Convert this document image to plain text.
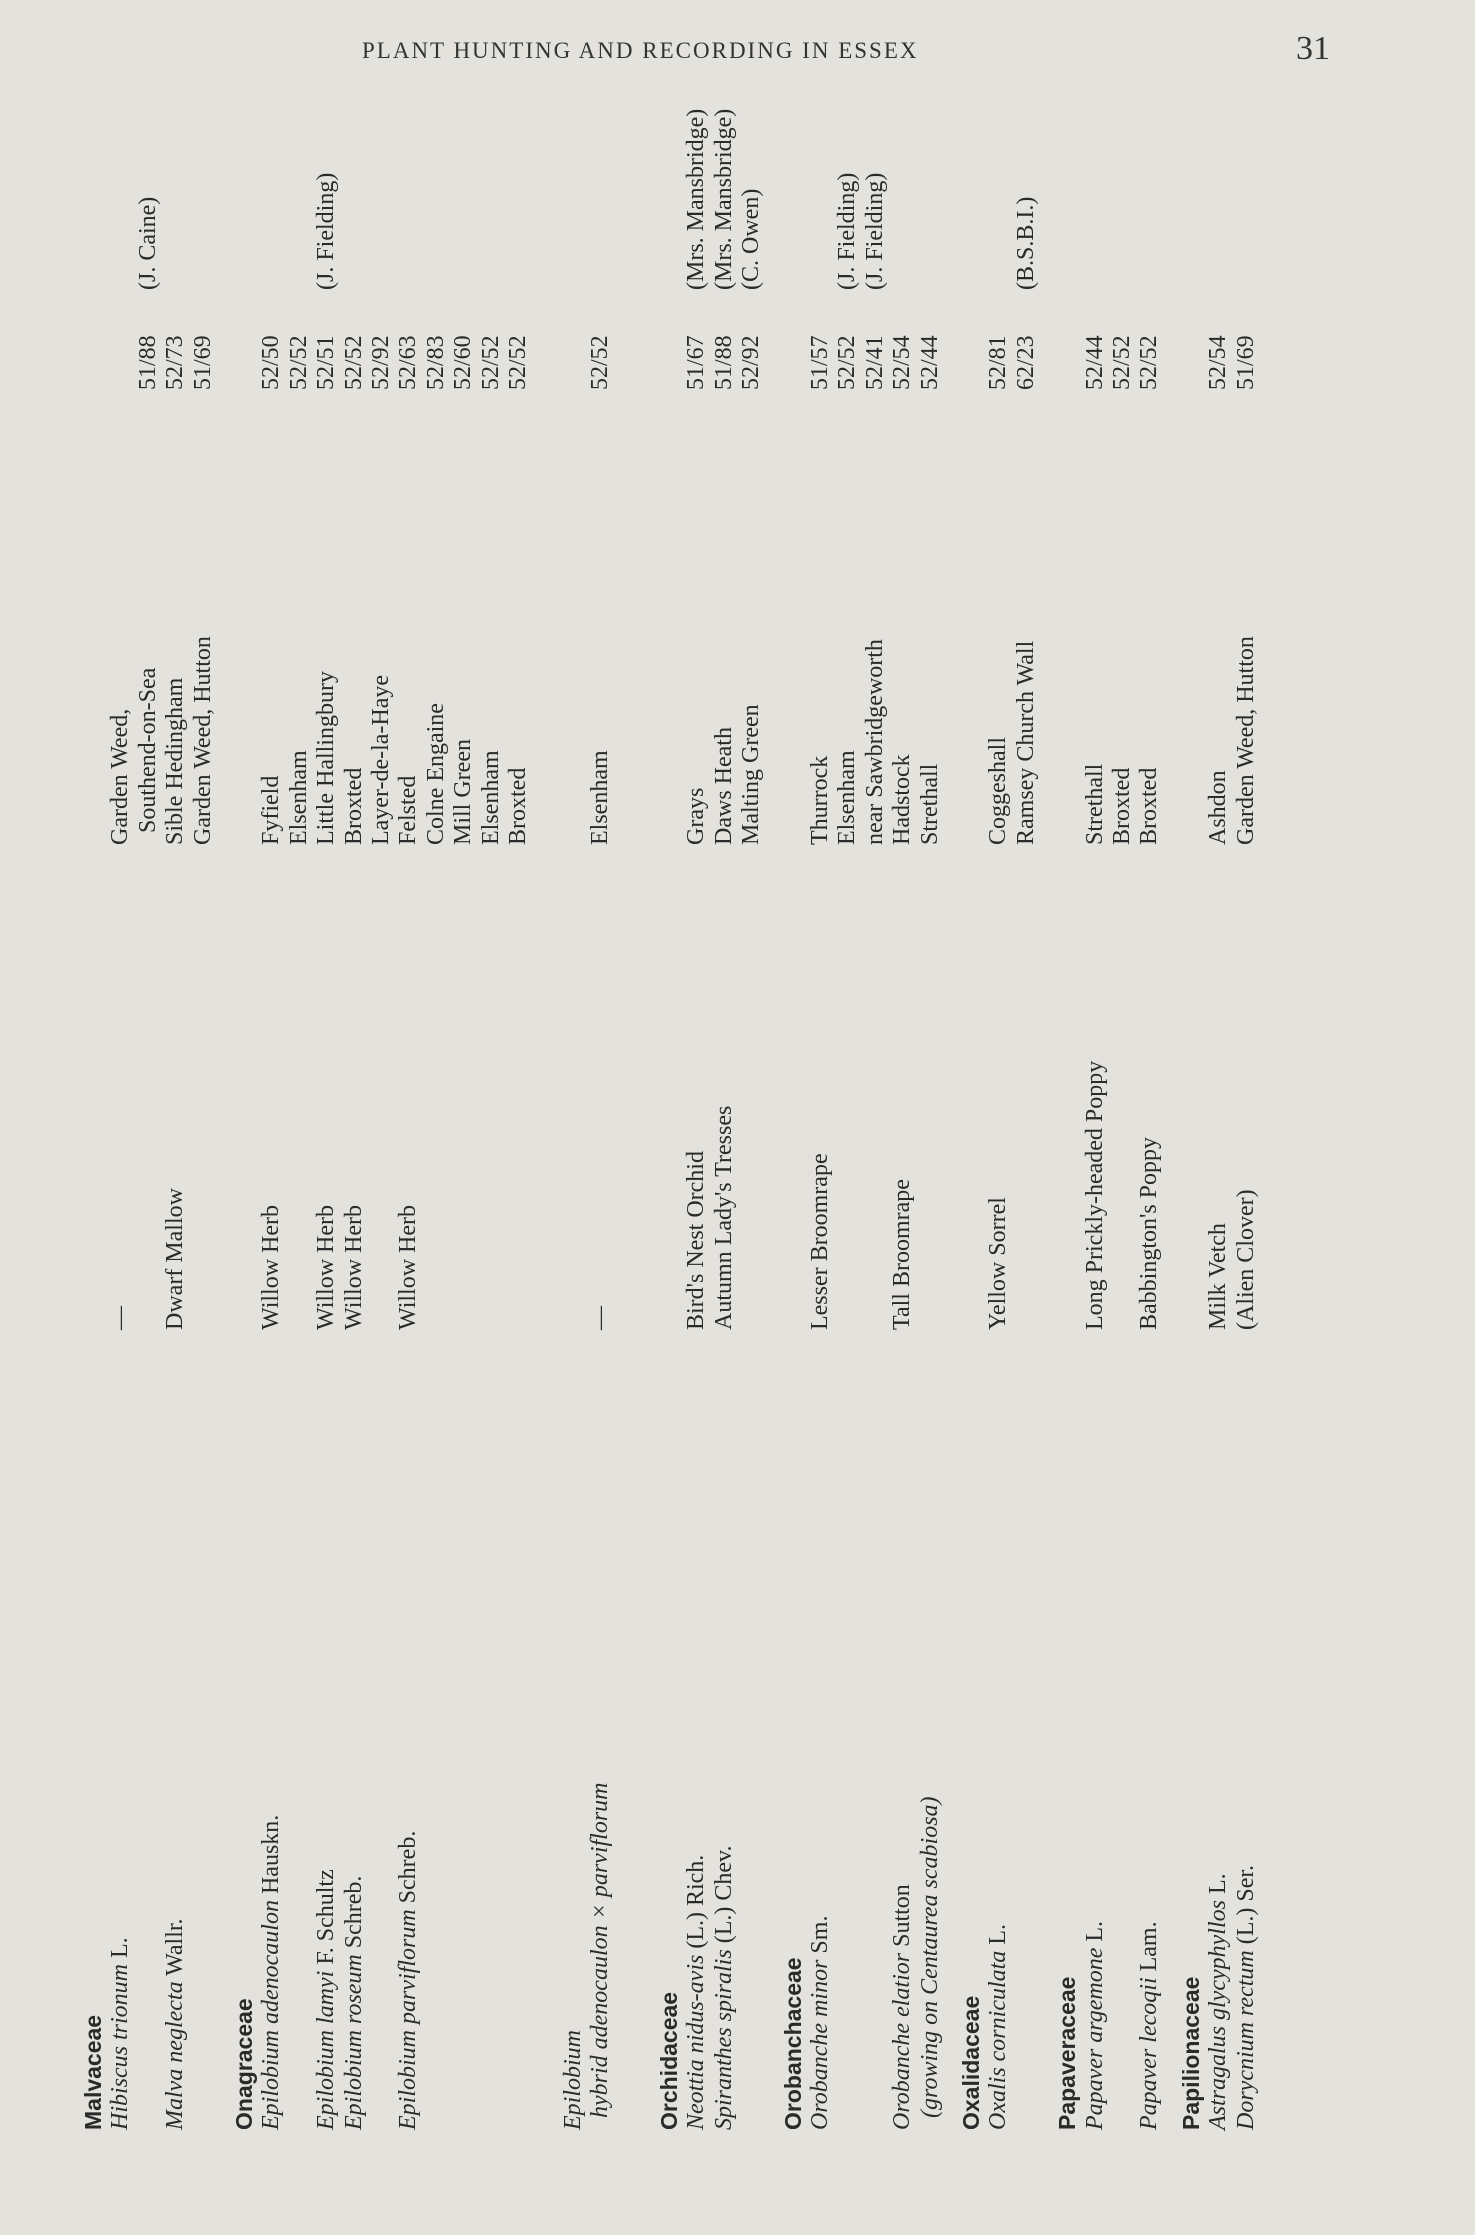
PLANT HUNTING AND RECORDING IN ESSEX	31
Malvaceae Hibiscus trionum L.
—
Garden Weed, Southend-on-Sea
51/88
(J. Caine)
Malva neglecta Wallr.
Dwarf Mallow
Sible Hedingham
52/73
Garden Weed, Hutton
51/69
Onagraceae Epilobium adenocaulon Hauskn.
Willow Herb
Fyfield
52/50
Elsenham
52/52
Epilobium lamyi F. Schultz
Willow Herb
Little Hallingbury
52/51
(J. Fielding)
Epilobium roseum Schreb.
Willow Herb
Broxted
52/52
Layer-de-la-Haye
52/92
Epilobium parviflorum Schreb.
Willow Herb
Felsted
52/63
Colne Engaine
52/83
Mill Green
52/60
Elsenham
52/52
Broxted
52/52
Epilobium hybrid adenocaulon × parviflorum
—
Elsenham
52/52
Orchidaceae Neottia nidus-avis (L.) Rich.
Bird's Nest Orchid
Grays
51/67
(Mrs. Mansbridge)
Spiranthes spiralis (L.) Chev.
Autumn Lady's Tresses
Daws Heath
51/88
(Mrs. Mansbridge)
Malting Green
52/92
(C. Owen)
Orobanchaceae Orobanche minor Sm.
Lesser Broomrape
Thurrock
51/57
Elsenham
52/52
(J. Fielding)
near Sawbridgeworth
52/41
(J. Fielding)
Orobanche elatior Sutton
Tall Broomrape
Hadstock
52/54
(growing on Centaurea scabiosa)
Strethall
52/44
Oxalidaceae Oxalis corniculata L.
Yellow Sorrel
Coggeshall
52/81
Ramsey Church Wall
62/23
(B.S.B.I.)
Papaveraceae Papaver argemone L.
Long Prickly-headed Poppy
Strethall
52/44
Broxted
52/52
Papaver lecoqii Lam.
Babbington's Poppy
Broxted
52/52
Papilionaceae Astragalus glycyphyllos L.
Milk Vetch
Ashdon
52/54
Dorycnium rectum (L.) Ser.
(Alien Clover)
Garden Weed, Hutton
51/69
